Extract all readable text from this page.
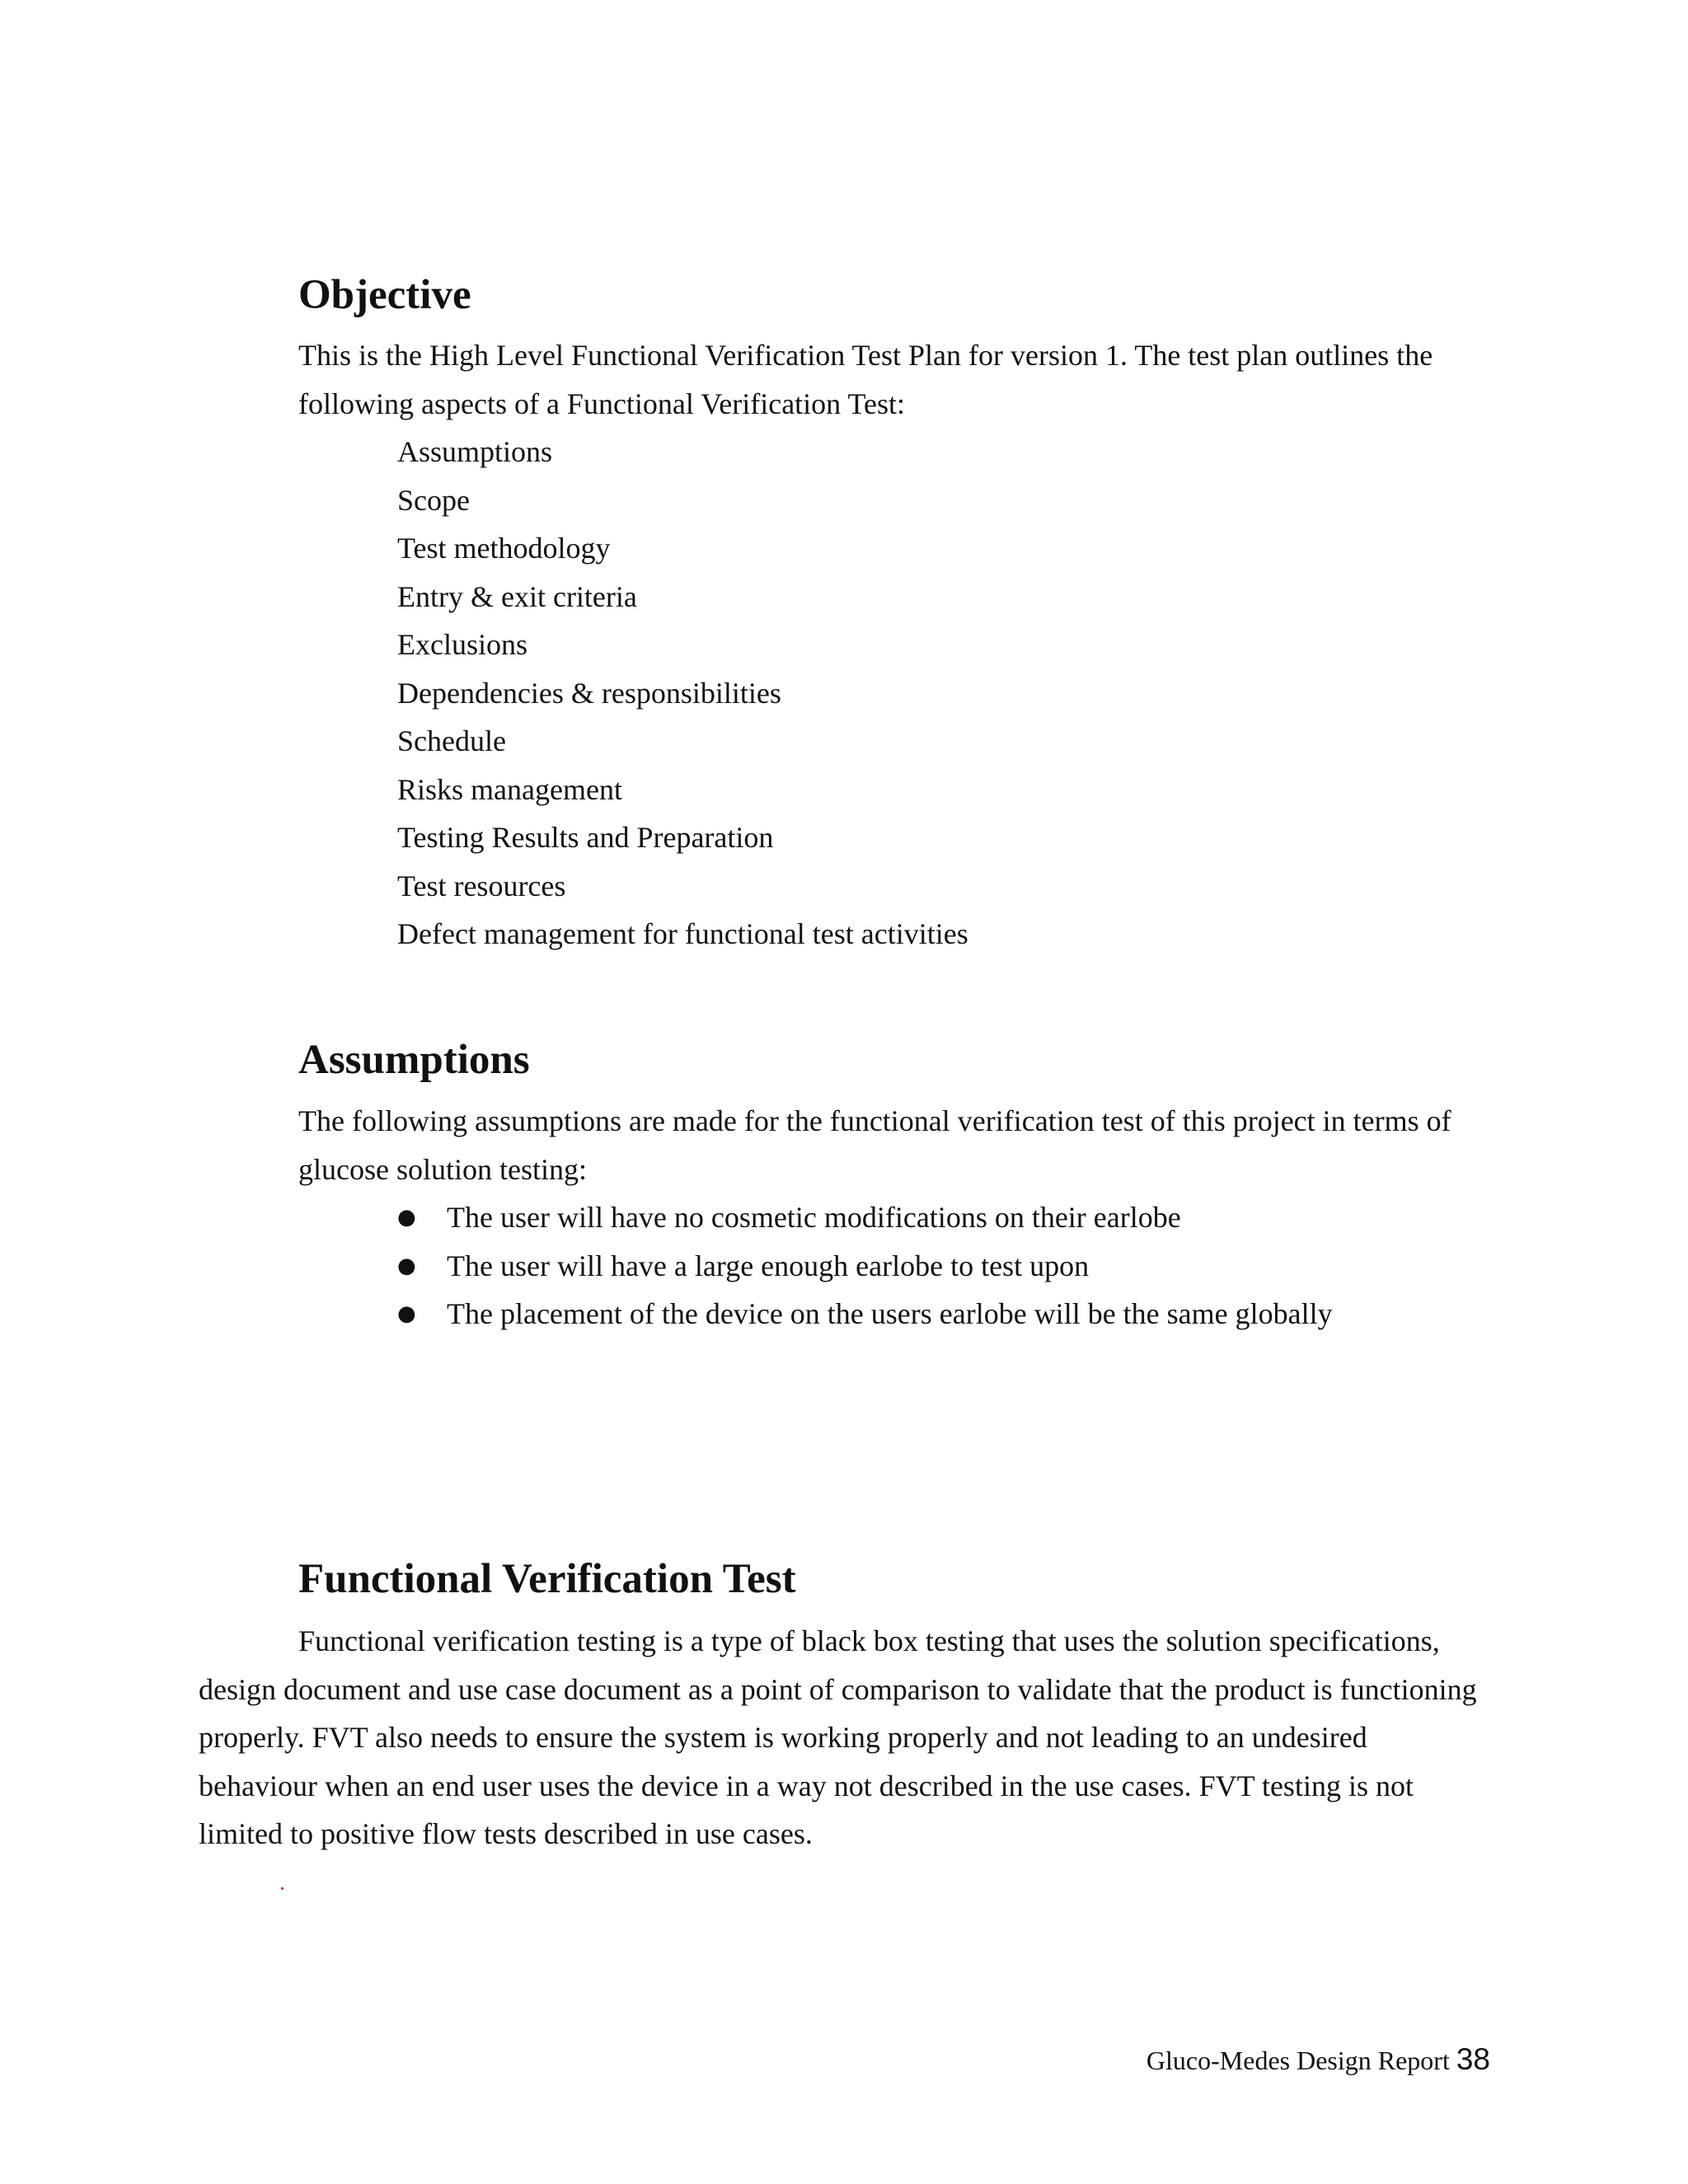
Objective

This is the High Level Functional Verification Test Plan for version 1. The test plan outlines the following aspects of a Functional Verification Test:

Assumptions
Scope
Test methodology
Entry & exit criteria
Exclusions
Dependencies & responsibilities
Schedule
Risks management
Testing Results and Preparation
Test resources
Defect management for functional test activities
Assumptions

The following assumptions are made for the functional verification test of this project in terms of glucose solution testing:

● The user will have no cosmetic modifications on their earlobe
● The user will have a large enough earlobe to test upon
● The placement of the device on the users earlobe will be the same globally
Functional Verification Test

Functional verification testing is a type of black box testing that uses the solution specifications, design document and use case document as a point of comparison to validate that the product is functioning properly. FVT also needs to ensure the system is working properly and not leading to an undesired behaviour when an end user uses the device in a way not described in the use cases. FVT testing is not limited to positive flow tests described in use cases.

Gluco-Medes Design Report 38
